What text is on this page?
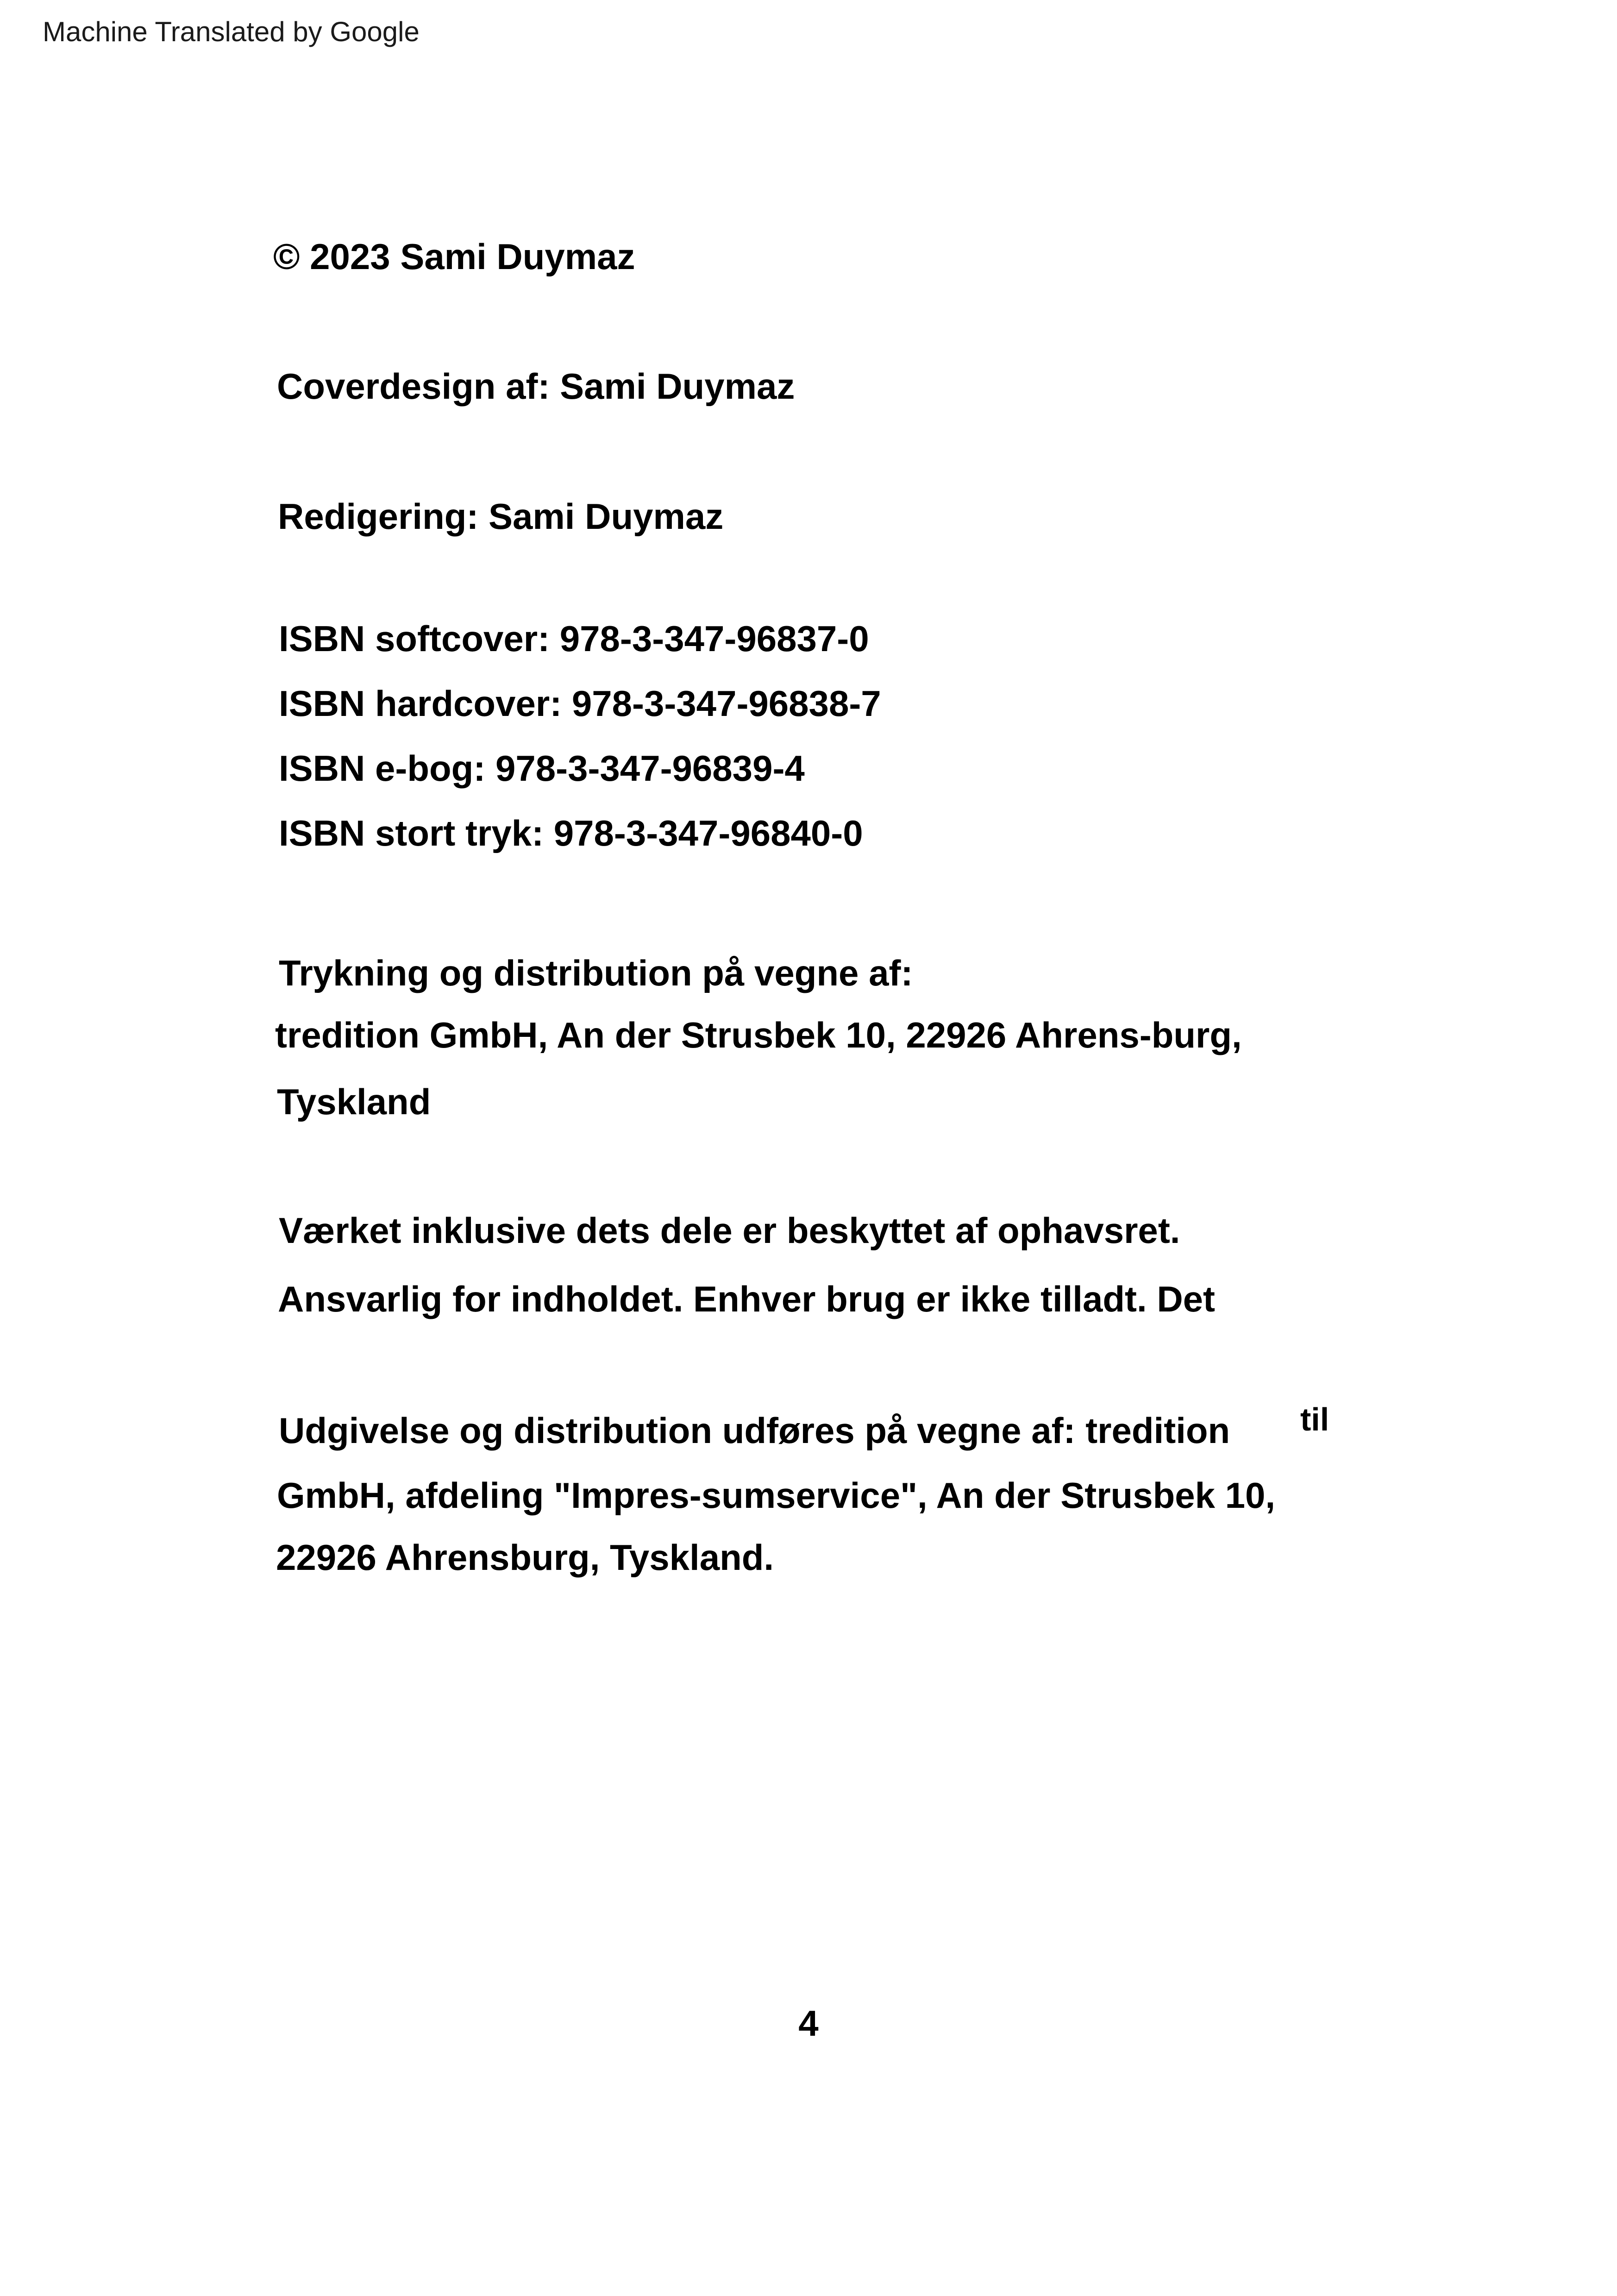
Machine Translated by Google
© 2023 Sami Duymaz
Coverdesign af: Sami Duymaz
Redigering: Sami Duymaz
ISBN softcover: 978-3-347-96837-0
ISBN hardcover: 978-3-347-96838-7
ISBN e-bog: 978-3-347-96839-4
ISBN stort tryk: 978-3-347-96840-0
Trykning og distribution på vegne af:
tredition GmbH, An der Strusbek 10, 22926 Ahrens-burg,
Tyskland
Værket inklusive dets dele er beskyttet af ophavsret.
Ansvarlig for indholdet. Enhver brug er ikke tilladt. Det
Udgivelse og distribution udføres på vegne af: tredition til
GmbH, afdeling "Impres-sumservice", An der Strusbek 10,
22926 Ahrensburg, Tyskland.
4
